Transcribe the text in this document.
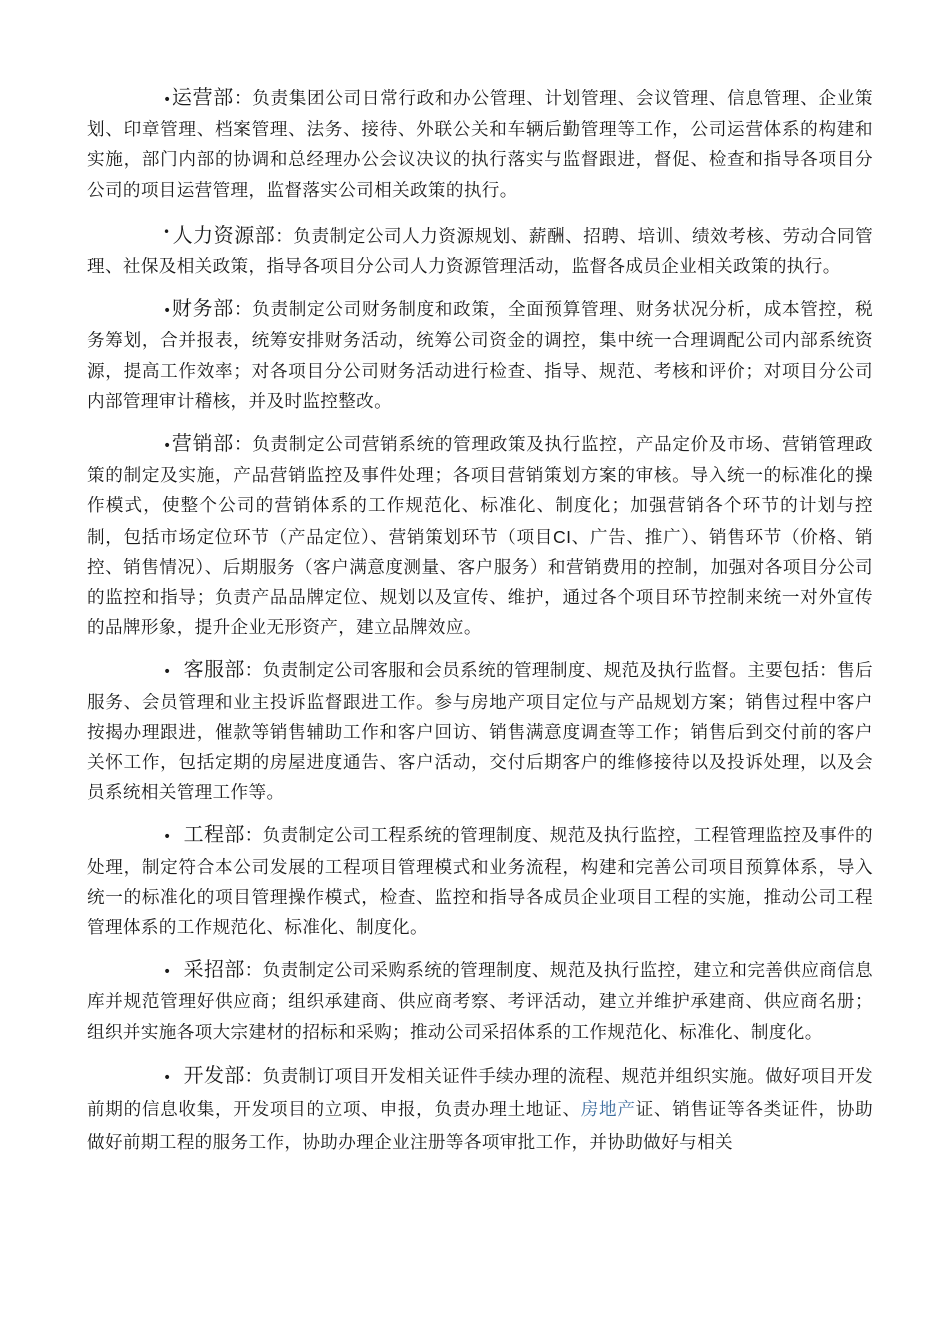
•运营部：负责集团公司日常行政和办公管理、计划管理、会议管理、信息管理、企业策划、印章管理、档案管理、法务、接待、外联公关和车辆后勤管理等工作，公司运营体系的构建和实施，部门内部的协调和总经理办公会议决议的执行落实与监督跟进，督促、检查和指导各项目分公司的项目运营管理，监督落实公司相关政策的执行。

• 人力资源部：负责制定公司人力资源规划、薪酬、招聘、培训、绩效考核、劳动合同管理、社保及相关政策，指导各项目分公司人力资源管理活动，监督各成员企业相关政策的执行。

•财务部：负责制定公司财务制度和政策，全面预算管理、财务状况分析，成本管控，税务筹划，合并报表，统筹安排财务活动，统筹公司资金的调控，集中统一合理调配公司内部系统资源，提高工作效率；对各项目分公司财务活动进行检查、指导、规范、考核和评价；对项目分公司内部管理审计稽核，并及时监控整改。

•营销部：负责制定公司营销系统的管理政策及执行监控，产品定价及市场、营销管理政策的制定及实施，产品营销监控及事件处理；各项目营销策划方案的审核。导入统一的标准化的操作模式，使整个公司的营销体系的工作规范化、标准化、制度化；加强营销各个环节的计划与控制，包括市场定位环节（产品定位）、营销策划环节（项目CI、广告、推广）、销售环节（价格、销控、销售情况）、后期服务（客户满意度测量、客户服务）和营销费用的控制，加强对各项目分公司的监控和指导；负责产品品牌定位、规划以及宣传、维护，通过各个项目环节控制来统一对外宣传的品牌形象，提升企业无形资产，建立品牌效应。

• 客服部：负责制定公司客服和会员系统的管理制度、规范及执行监督。主要包括：售后服务、会员管理和业主投诉监督跟进工作。参与房地产项目定位与产品规划方案；销售过程中客户按揭办理跟进，催款等销售辅助工作和客户回访、销售满意度调查等工作；销售后到交付前的客户关怀工作，包括定期的房屋进度通告、客户活动，交付后期客户的维修接待以及投诉处理，以及会员系统相关管理工作等。

• 工程部：负责制定公司工程系统的管理制度、规范及执行监控，工程管理监控及事件的处理，制定符合本公司发展的工程项目管理模式和业务流程，构建和完善公司项目预算体系，导入统一的标准化的项目管理操作模式，检查、监控和指导各成员企业项目工程的实施，推动公司工程管理体系的工作规范化、标准化、制度化。

• 采招部：负责制定公司采购系统的管理制度、规范及执行监控，建立和完善供应商信息库并规范管理好供应商；组织承建商、供应商考察、考评活动，建立并维护承建商、供应商名册；组织并实施各项大宗建材的招标和采购；推动公司采招体系的工作规范化、标准化、制度化。

• 开发部：负责制订项目开发相关证件手续办理的流程、规范并组织实施。做好项目开发前期的信息收集，开发项目的立项、申报，负责办理土地证、房地产证、销售证等各类证件，协助做好前期工程的服务工作，协助办理企业注册等各项审批工作，并协助做好与相关
